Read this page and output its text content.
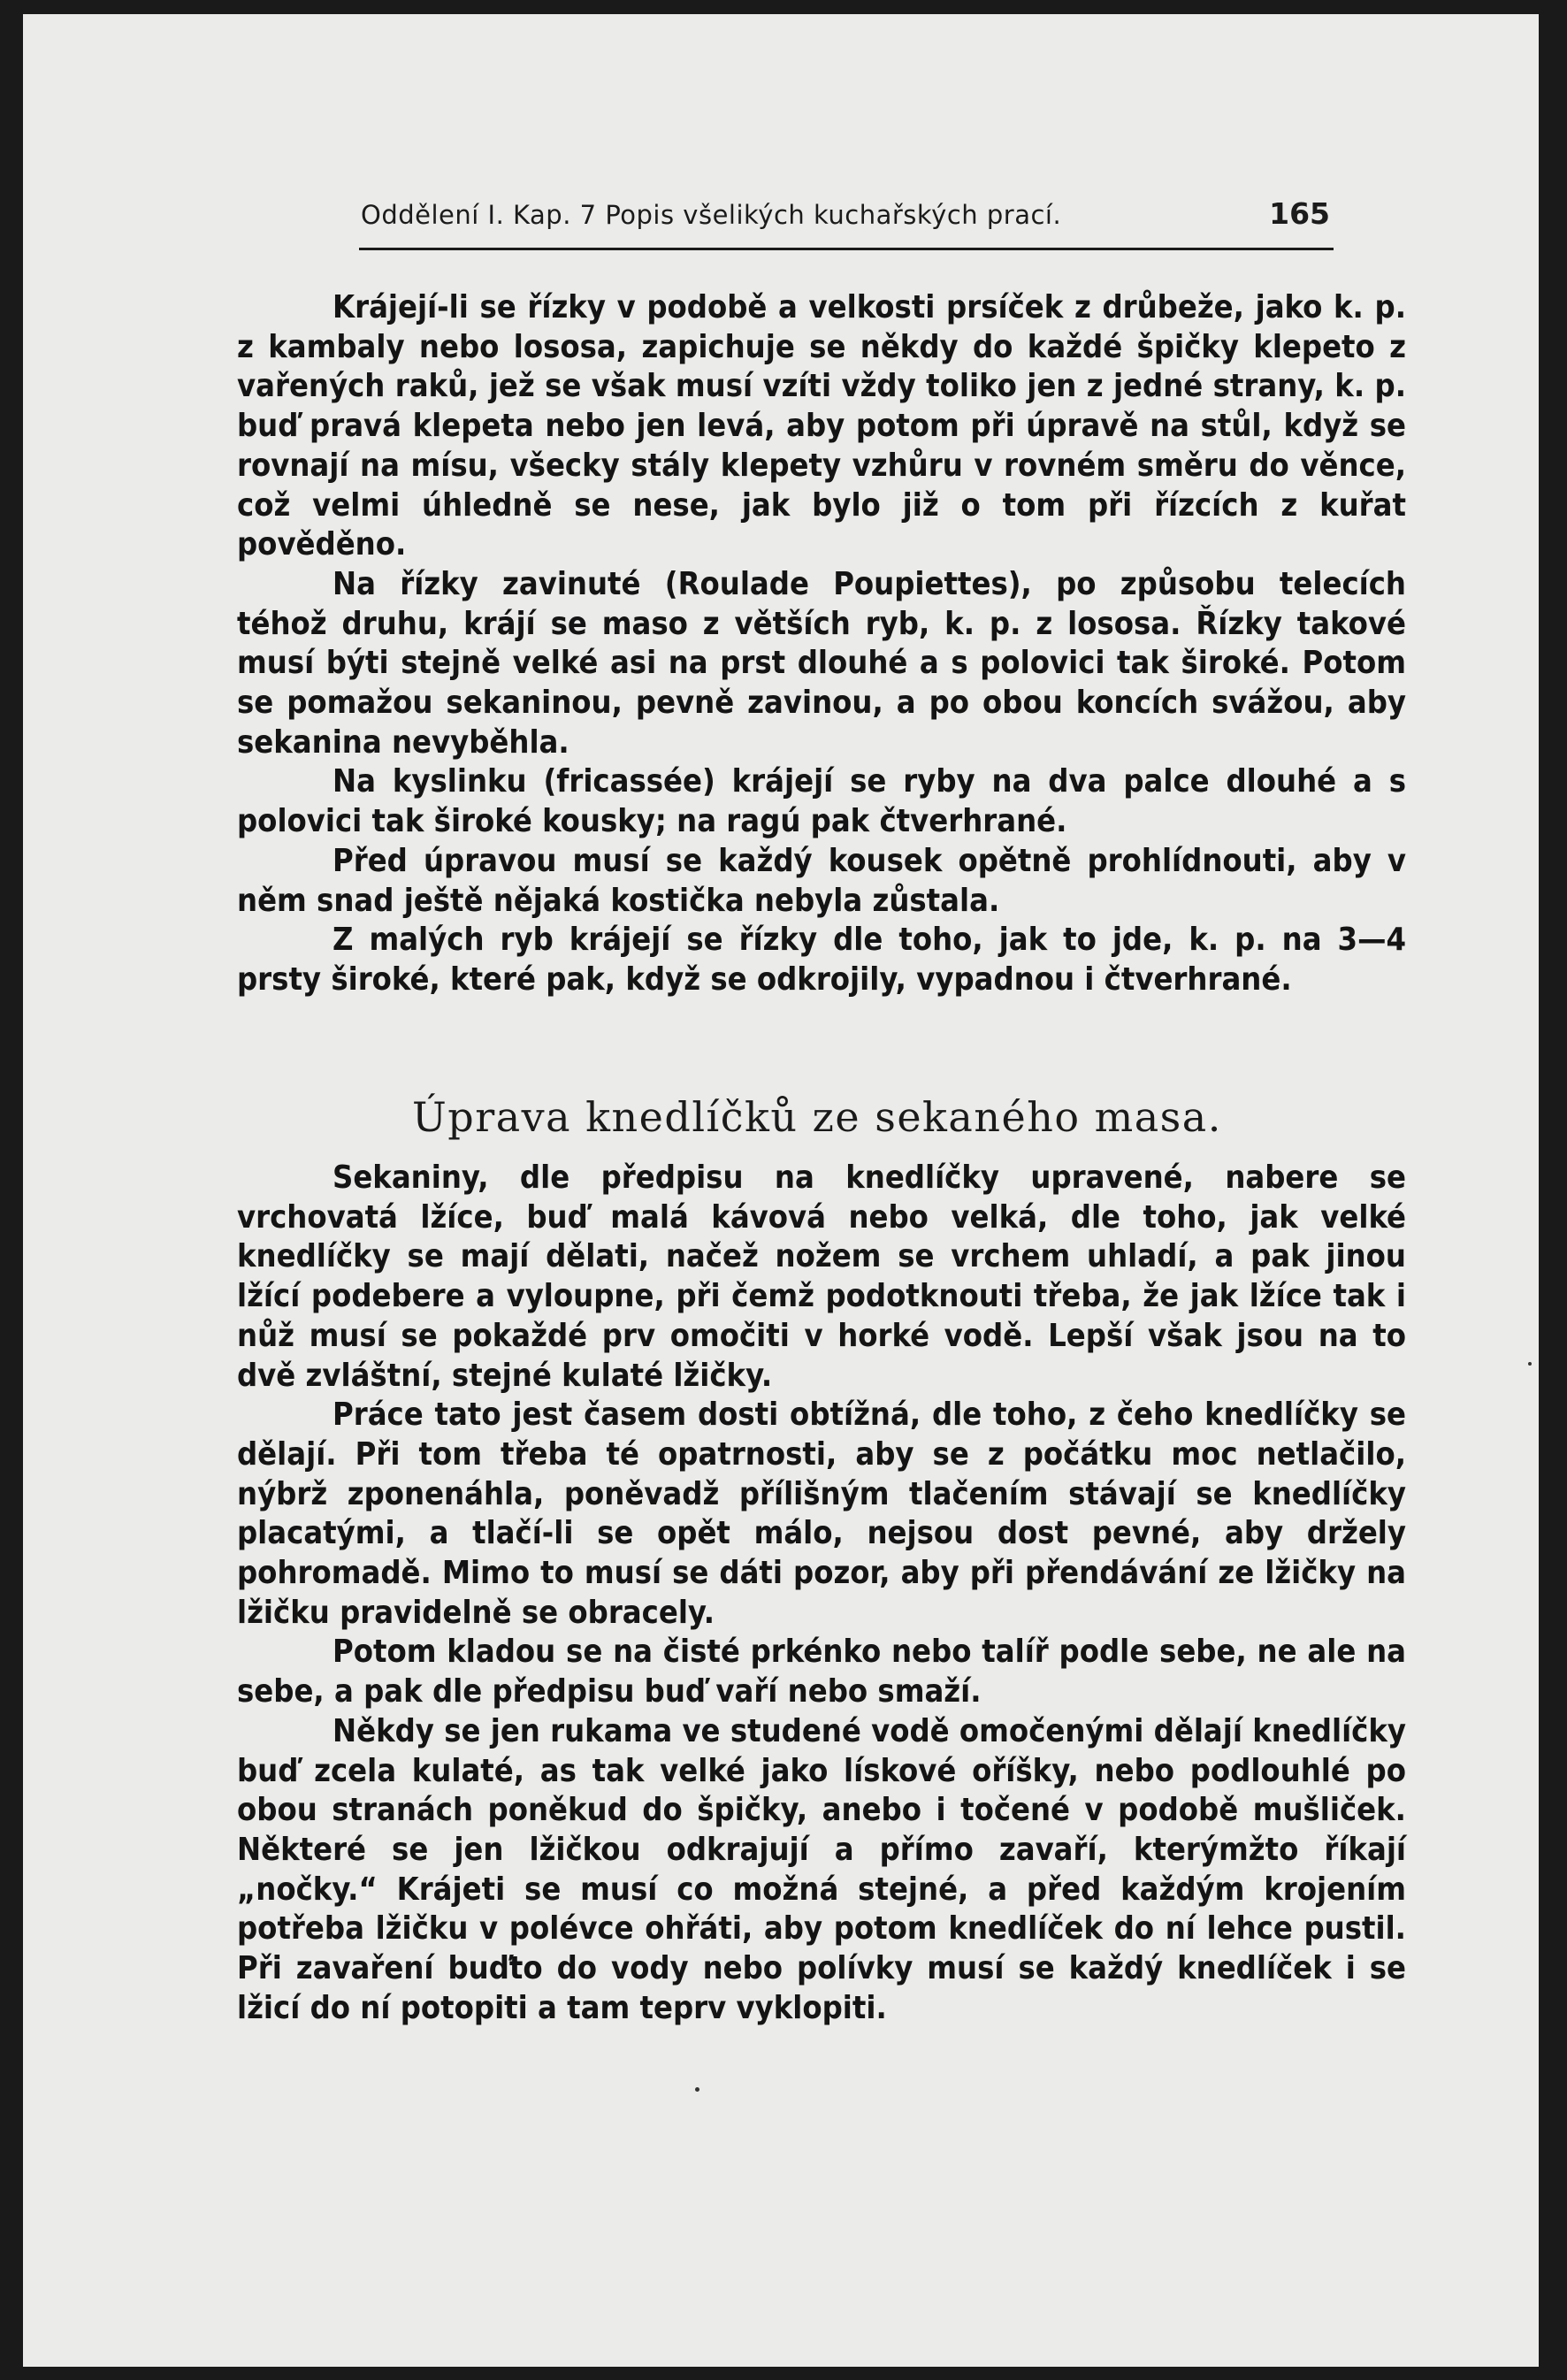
Oddělení I. Kap. 7 Popis všelikých kuchařských prací.	165

Krájejí-li se řízky v podobě a velkosti prsíček z drůbeže, jako k. p. z kambaly nebo lososa, zapichuje se někdy do každé špičky klepeto z vařených raků, jež se však musí vzíti vždy toliko jen z jedné strany, k. p. buď pravá klepeta nebo jen levá, aby potom při úpravě na stůl, když se rovnají na mísu, všecky stály klepety vzhůru v rovném směru do věnce, což velmi úhledně se nese, jak bylo již o tom při řízcích z kuřat pověděno.

Na řízky zavinuté (Roulade Poupiettes), po způsobu telecích téhož druhu, krájí se maso z větších ryb, k. p. z lososa. Řízky takové musí býti stejně velké asi na prst dlouhé a s polovici tak široké. Potom se pomažou sekaninou, pevně zavinou, a po obou koncích svážou, aby sekanina nevyběhla.

Na kyslinku (fricassée) krájejí se ryby na dva palce dlouhé a s polovici tak široké kousky; na ragú pak čtverhrané.

Před úpravou musí se každý kousek opětně prohlídnouti, aby v něm snad ještě nějaká kostička nebyla zůstala.

Z malých ryb krájejí se řízky dle toho, jak to jde, k. p. na 3—4 prsty široké, které pak, když se odkrojily, vypadnou i čtverhrané.

Úprava knedlíčků ze sekaného masa.

Sekaniny, dle předpisu na knedlíčky upravené, nabere se vrchovatá lžíce, buď malá kávová nebo velká, dle toho, jak velké knedlíčky se mají dělati, načež nožem se vrchem uhladí, a pak jinou lžící podebere a vyloupne, při čemž podotknouti třeba, že jak lžíce tak i nůž musí se pokaždé prv omočiti v horké vodě. Lepší však jsou na to dvě zvláštní, stejné kulaté lžičky.

Práce tato jest časem dosti obtížná, dle toho, z čeho knedlíčky se dělají. Při tom třeba té opatrnosti, aby se z počátku moc netlačilo, nýbrž zponenáhla, poněvadž přílišným tlačením stávají se knedlíčky placatými, a tlačí-li se opět málo, nejsou dost pevné, aby držely pohromadě. Mimo to musí se dáti pozor, aby při přendávání ze lžičky na lžičku pravidelně se obracely.

Potom kladou se na čisté prkénko nebo talíř podle sebe, ne ale na sebe, a pak dle předpisu buď vaří nebo smaží.

Někdy se jen rukama ve studené vodě omočenými dělají knedlíčky buď zcela kulaté, as tak velké jako lískové oříšky, nebo podlouhlé po obou stranách poněkud do špičky, anebo i točené v podobě mušliček. Některé se jen lžičkou odkrajují a přímo zavaří, kterýmžto říkají „nočky.“ Krájeti se musí co možná stejné, a před každým krojením potřeba lžičku v polévce ohřáti, aby potom knedlíček do ní lehce pustil. Při zavaření buďto do vody nebo polívky musí se každý knedlíček i se lžicí do ní potopiti a tam teprv vyklopiti.
